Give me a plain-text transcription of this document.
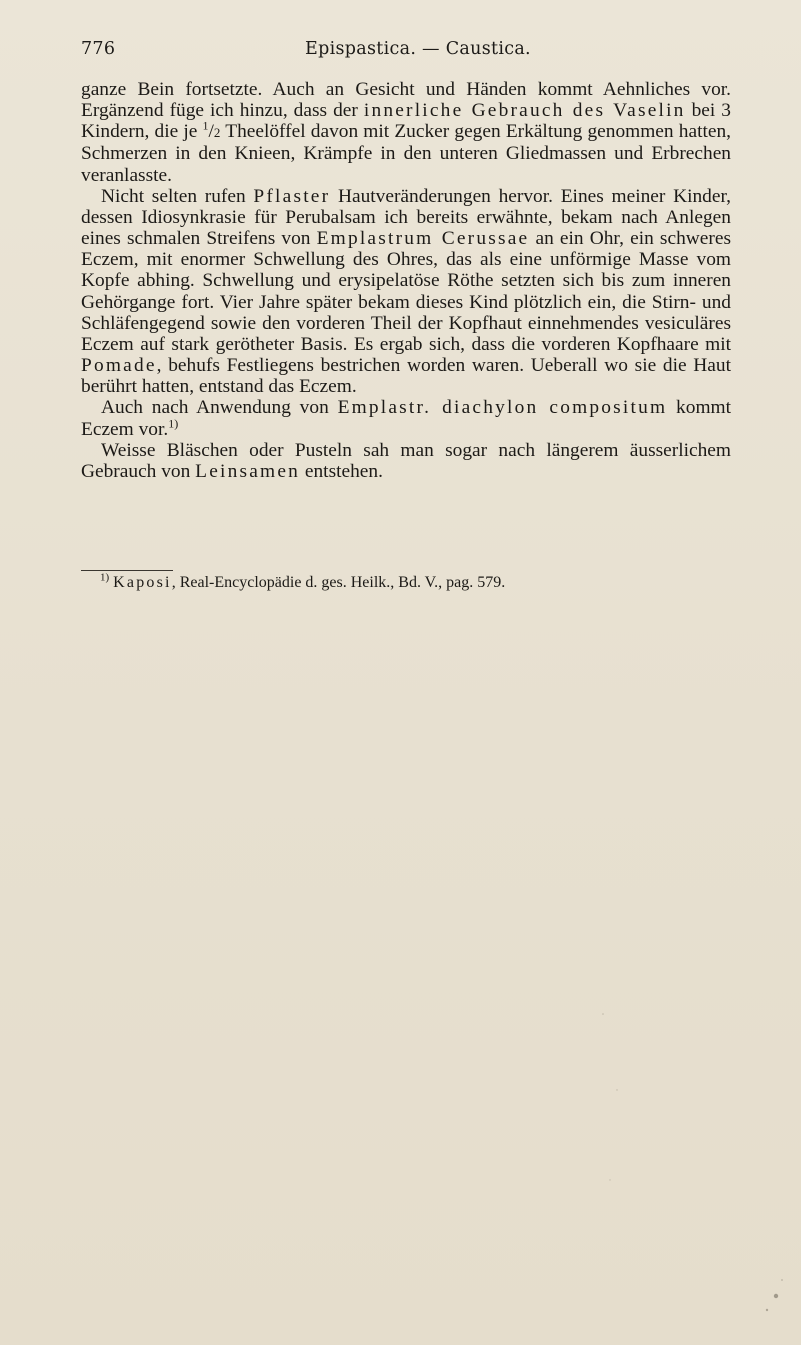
776	Epispastica. — Caustica.

ganze Bein fortsetzte. Auch an Gesicht und Händen kommt Aehnliches vor. Ergänzend füge ich hinzu, dass der innerliche Gebrauch des Vaselin bei 3 Kindern, die je $^1$/2 Theelöffel davon mit Zucker gegen Erkältung genommen hatten, Schmerzen in den Knieen, Krämpfe in den unteren Gliedmassen und Erbrechen veranlasste.

Nicht selten rufen Pflaster Hautveränderungen hervor. Eines meiner Kinder, dessen Idiosynkrasie für Perubalsam ich bereits erwähnte, bekam nach Anlegen eines schmalen Streifens von Emplastrum Cerussae an ein Ohr, ein schweres Eczem, mit enormer Schwellung des Ohres, das als eine unförmige Masse vom Kopfe abhing. Schwellung und erysipelatöse Röthe setzten sich bis zum inneren Gehörgange fort. Vier Jahre später bekam dieses Kind plötzlich ein, die Stirn- und Schläfengegend sowie den vorderen Theil der Kopfhaut einnehmendes vesiculäres Eczem auf stark gerötheter Basis. Es ergab sich, dass die vorderen Kopfhaare mit Pomade, behufs Festliegens bestrichen worden waren. Ueberall wo sie die Haut berührt hatten, entstand das Eczem.

Auch nach Anwendung von Emplastr. diachylon compositum kommt Eczem vor.$^{1)}$

Weisse Bläschen oder Pusteln sah man sogar nach längerem äusserlichem Gebrauch von Leinsamen entstehen.

$^{1)}$ Kaposi, Real-Encyclopädie d. ges. Heilk., Bd. V., pag. 579.
